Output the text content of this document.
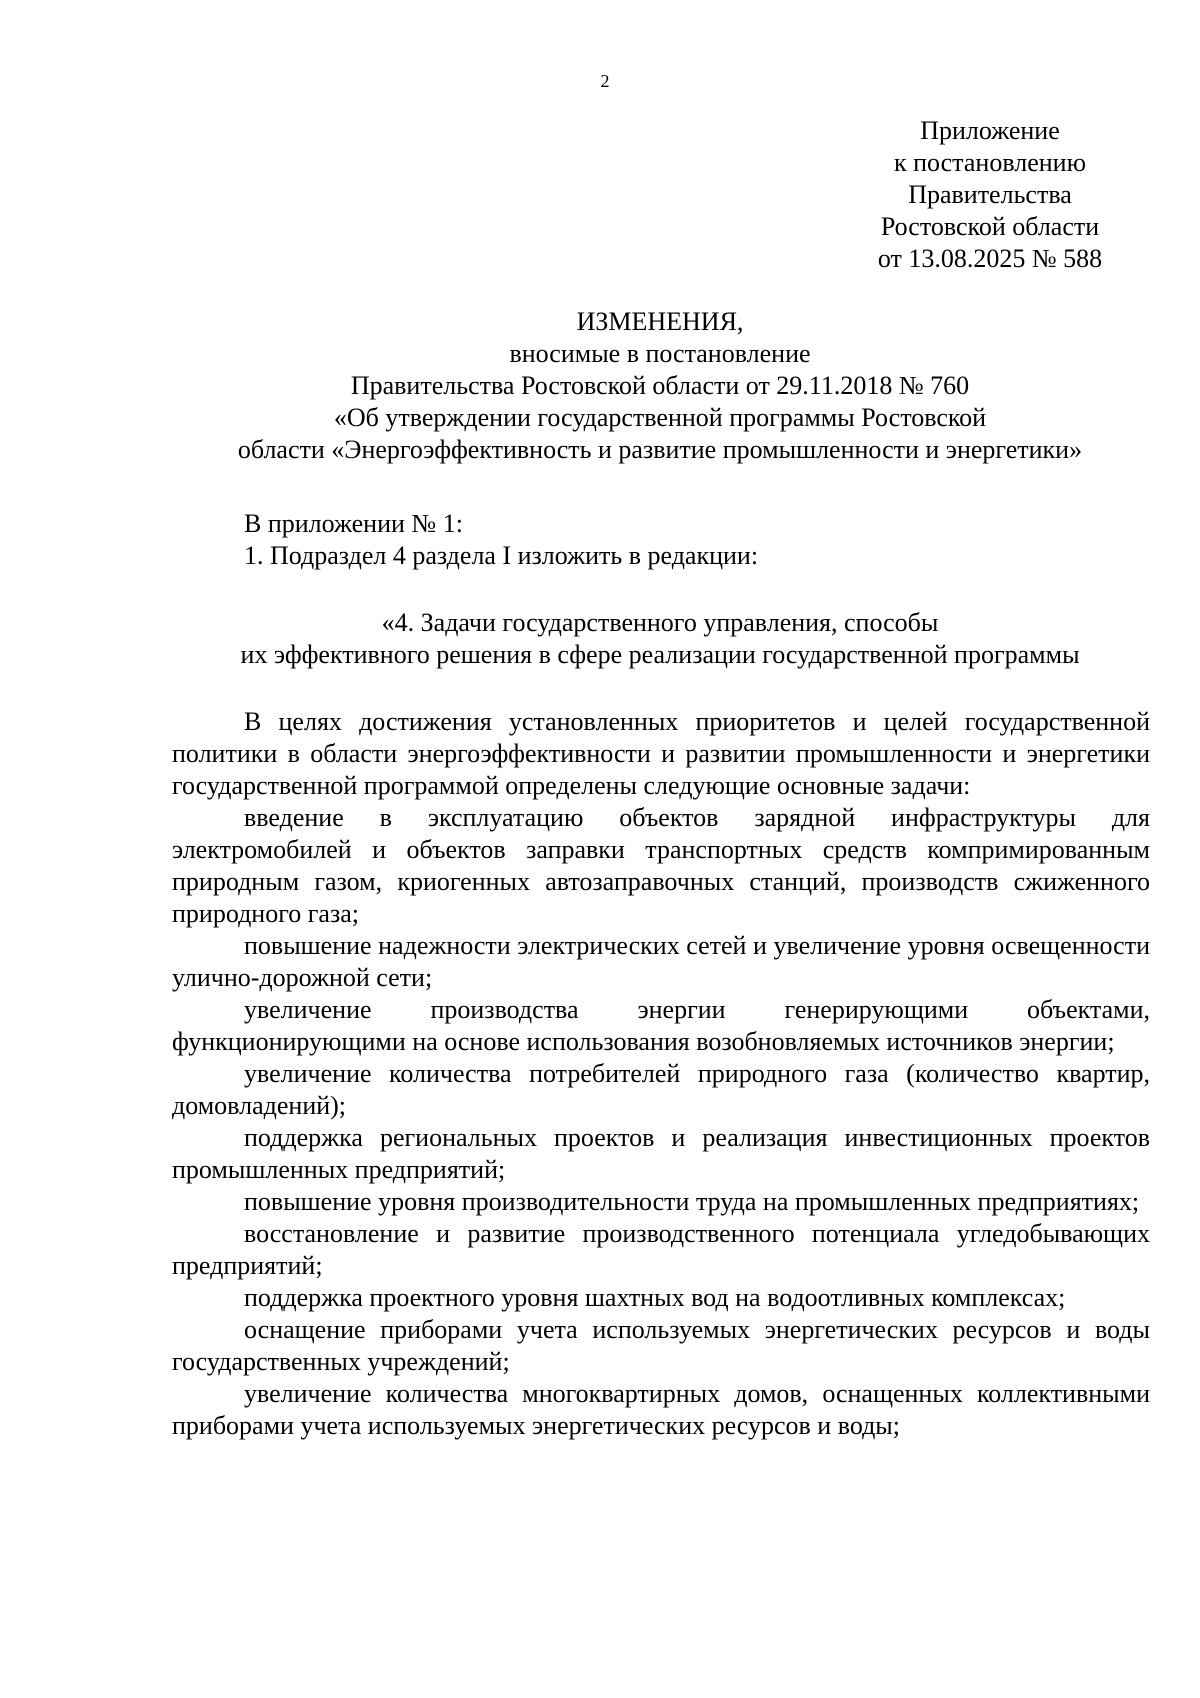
2
Приложение
к постановлению
Правительства
Ростовской области
от 13.08.2025 № 588
ИЗМЕНЕНИЯ,
вносимые в постановление
Правительства Ростовской области от 29.11.2018 № 760
«Об утверждении государственной программы Ростовской
области «Энергоэффективность и развитие промышленности и энергетики»
В приложении № 1:
1. Подраздел 4 раздела I изложить в редакции:
«4. Задачи государственного управления, способы
их эффективного решения в сфере реализации государственной программы

В целях достижения установленных приоритетов и целей государственной политики в области энергоэффективности и развитии промышленности и энергетики государственной программой определены следующие основные задачи:

введение в эксплуатацию объектов зарядной инфраструктуры для электромобилей и объектов заправки транспортных средств компримированным природным газом, криогенных автозаправочных станций, производств сжиженного природного газа;

повышение надежности электрических сетей и увеличение уровня освещенности улично-дорожной сети;

увеличение производства энергии генерирующими объектами, функционирующими на основе использования возобновляемых источников энергии;

увеличение количества потребителей природного газа (количество квартир, домовладений);

поддержка региональных проектов и реализация инвестиционных проектов промышленных предприятий;

повышение уровня производительности труда на промышленных предприятиях;

восстановление и развитие производственного потенциала угледобывающих предприятий;

поддержка проектного уровня шахтных вод на водоотливных комплексах;

оснащение приборами учета используемых энергетических ресурсов и воды государственных учреждений;

увеличение количества многоквартирных домов, оснащенных коллективными приборами учета используемых энергетических ресурсов и воды;
